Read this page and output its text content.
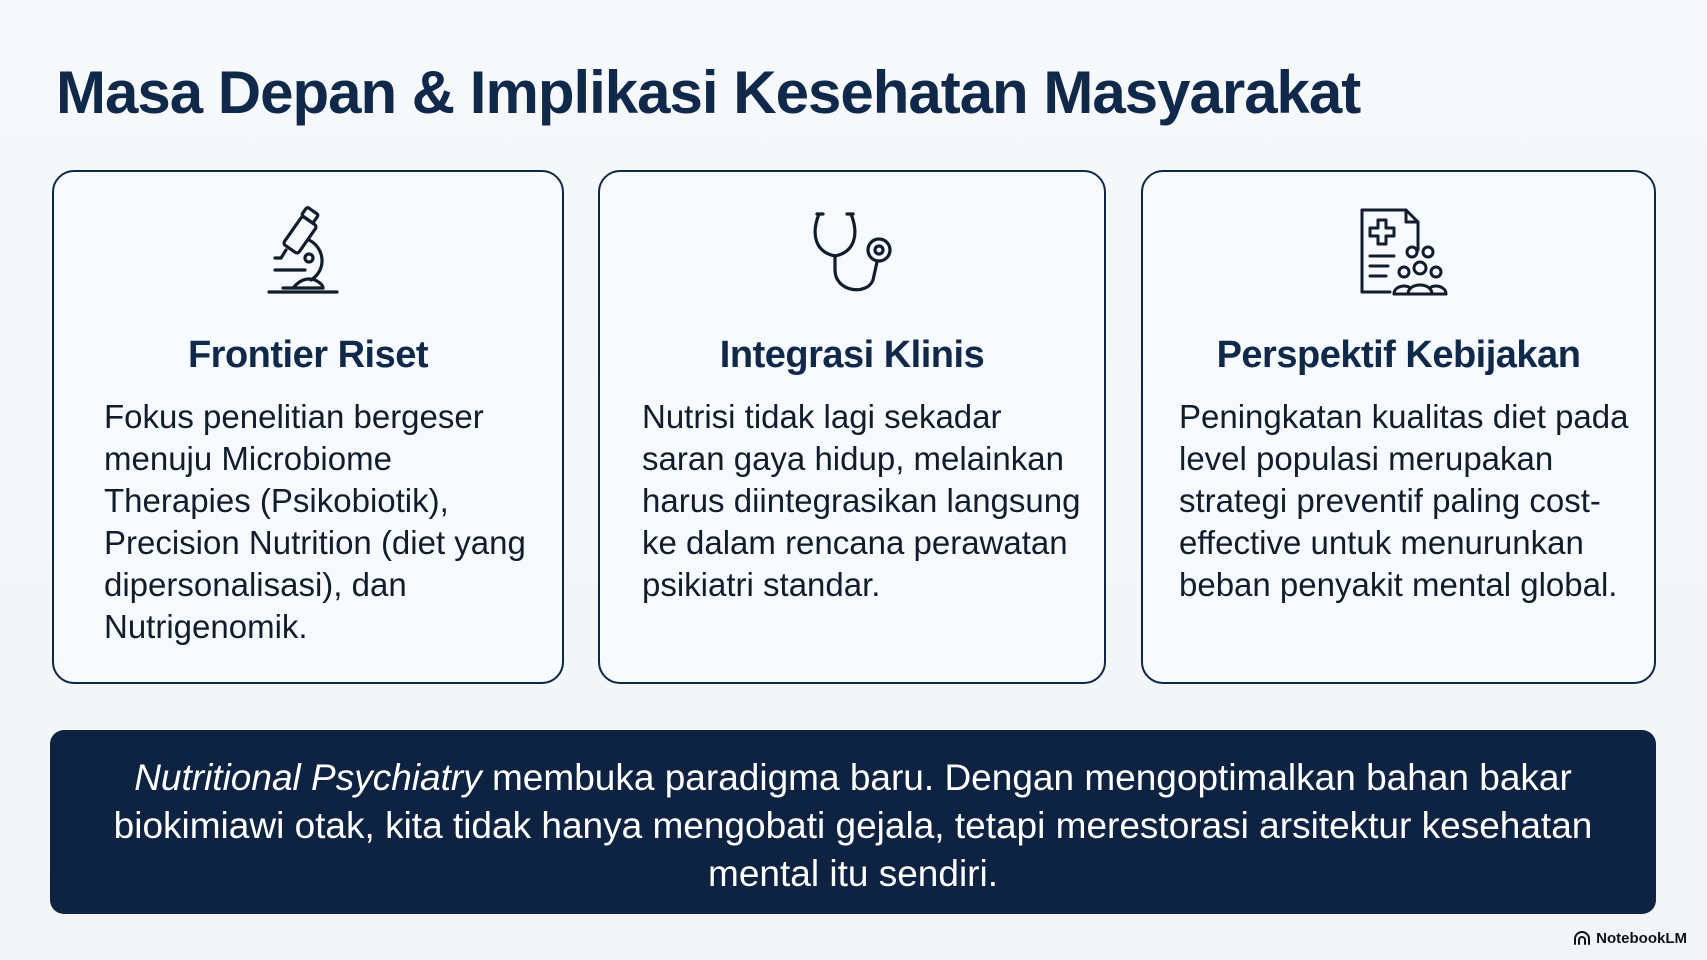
Masa Depan & Implikasi Kesehatan Masyarakat
Frontier Riset
Fokus penelitian bergeser menuju Microbiome Therapies (Psikobiotik), Precision Nutrition (diet yang dipersonalisasi), dan Nutrigenomik.
Integrasi Klinis
Nutrisi tidak lagi sekadar saran gaya hidup, melainkan harus diintegrasikan langsung ke dalam rencana perawatan psikiatri standar.
Perspektif Kebijakan
Peningkatan kualitas diet pada level populasi merupakan strategi preventif paling cost-effective untuk menurunkan beban penyakit mental global.
Nutritional Psychiatry membuka paradigma baru. Dengan mengoptimalkan bahan bakar biokimiawi otak, kita tidak hanya mengobati gejala, tetapi merestorasi arsitektur kesehatan mental itu sendiri.
NotebookLM
